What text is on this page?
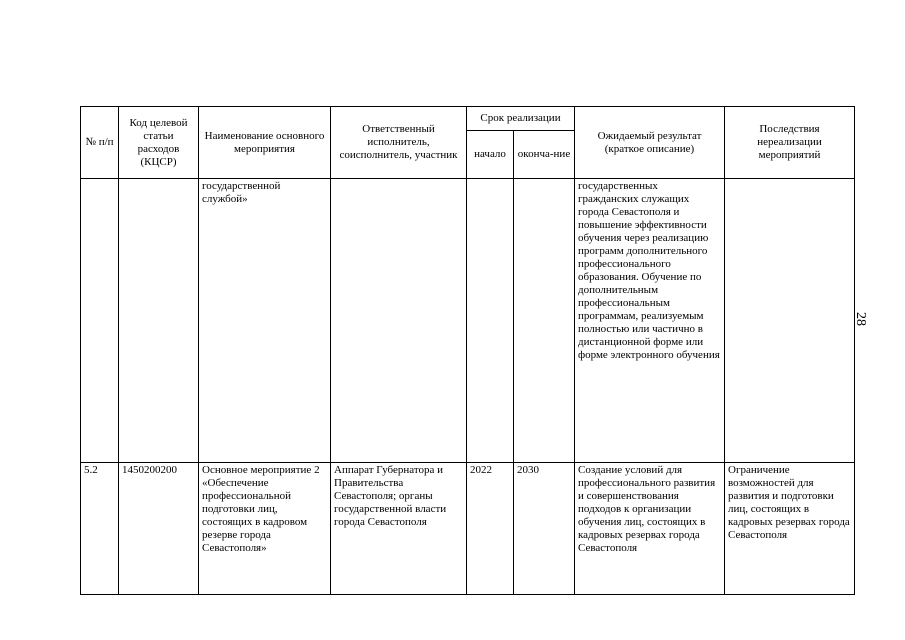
28
№ п/п	Код целевой статьи расходов (КЦСР)	Наименование основного мероприятия	Ответственный исполнитель, соисполнитель, участник	Срок реализации		Ожидаемый результат (краткое описание)	Последствия нереализации мероприятий
				начало	оконча-ние		
		государственной службой»				государственных гражданских служащих города Севастополя и повышение эффективности обучения через реализацию программ дополнительного профессионального образования. Обучение по дополнительным профессиональным программам, реализуемым полностью или частично в дистанционной форме или форме электронного обучения	
5.2	1450200200	Основное мероприятие 2 «Обеспечение профессиональной подготовки лиц, состоящих в кадровом резерве города Севастополя»	Аппарат Губернатора и Правительства Севастополя; органы государственной власти города Севастополя	2022	2030	Создание условий для профессионального развития и совершенствования подходов к организации обучения лиц, состоящих в кадровых резервах города Севастополя	Ограничение возможностей для развития и подготовки лиц, состоящих в кадровых резервах города Севастополя
